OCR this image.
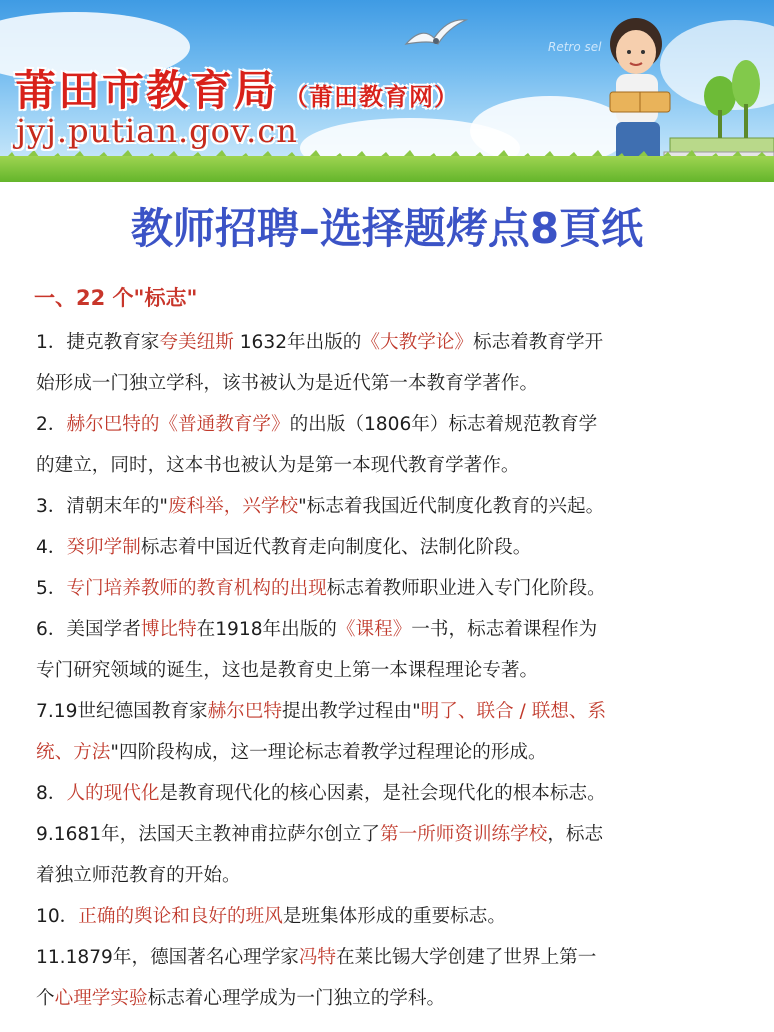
Retro sel
莆田市教育局 （莆田教育网）
jyj.putian.gov.cn
教师招聘–选择题烤点8頁纸
一、22 个"标志"
1．捷克教育家夸美纽斯 1632年出版的《大教学论》标志着教育学开
始形成一门独立学科，该书被认为是近代第一本教育学著作。
2．赫尔巴特的《普通教育学》的出版（1806年）标志着规范教育学
的建立，同时，这本书也被认为是第一本现代教育学著作。
3．清朝末年的"废科举，兴学校"标志着我国近代制度化教育的兴起。
4．癸卯学制标志着中国近代教育走向制度化、法制化阶段。
5．专门培养教师的教育机构的出现标志着教师职业进入专门化阶段。
6．美国学者博比特在1918年出版的《课程》一书，标志着课程作为
专门研究领域的诞生，这也是教育史上第一本课程理论专著。
7.19世纪德国教育家赫尔巴特提出教学过程由"明了、联合 / 联想、系
统、方法"四阶段构成，这一理论标志着教学过程理论的形成。
8．人的现代化是教育现代化的核心因素，是社会现代化的根本标志。
9.1681年，法国天主教神甫拉萨尔创立了第一所师资训练学校，标志
着独立师范教育的开始。
10．正确的舆论和良好的班风是班集体形成的重要标志。
11.1879年，德国著名心理学家冯特在莱比锡大学创建了世界上第一
个心理学实验标志着心理学成为一门独立的学科。
